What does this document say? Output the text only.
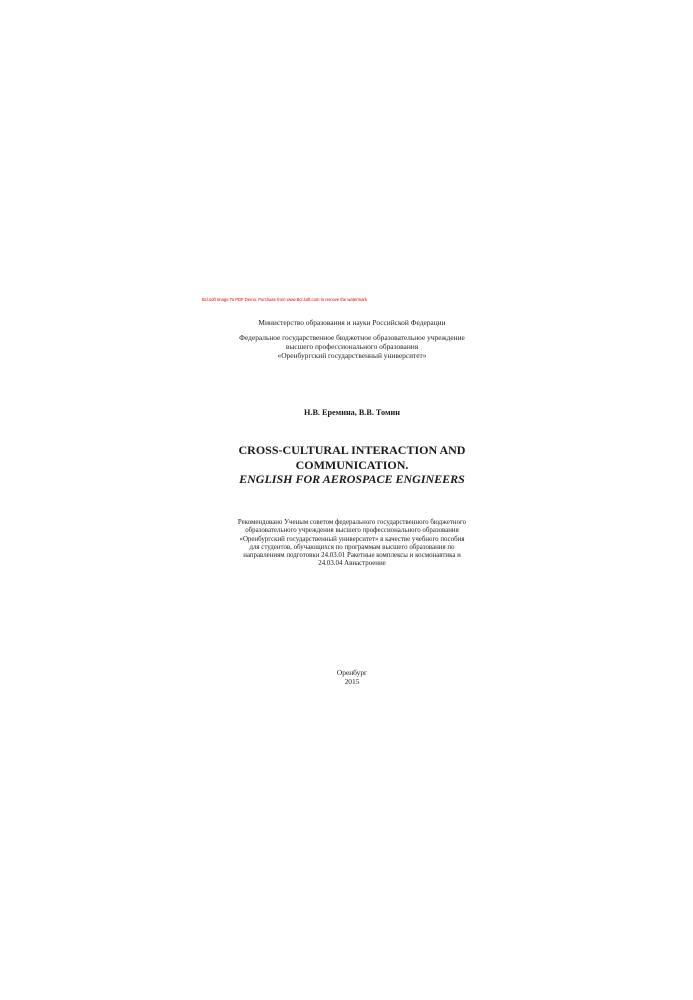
Bcl.soft Image To PDF Demo. Purchase from www.Bcl.soft.com to remove the watermark
Министерство образования и науки Российской Федерации
Федеральное государственное бюджетное образовательное учреждение
высшего профессионального образования
«Оренбургский государственный университет»
Н.В. Еремина, В.В. Томин
CROSS-CULTURAL INTERACTION AND
COMMUNICATION.
ENGLISH FOR AEROSPACE ENGINEERS
Рекомендовано Ученым советом федерального государственного бюджетного
образовательного учреждения высшего профессионального образования
«Оренбургский государственный университет» в качестве учебного пособия
для студентов, обучающихся по программам высшего образования по
направлениям подготовки 24.03.01 Ракетные комплексы и космонавтика и
24.03.04 Авиастроение
Оренбург
2015
